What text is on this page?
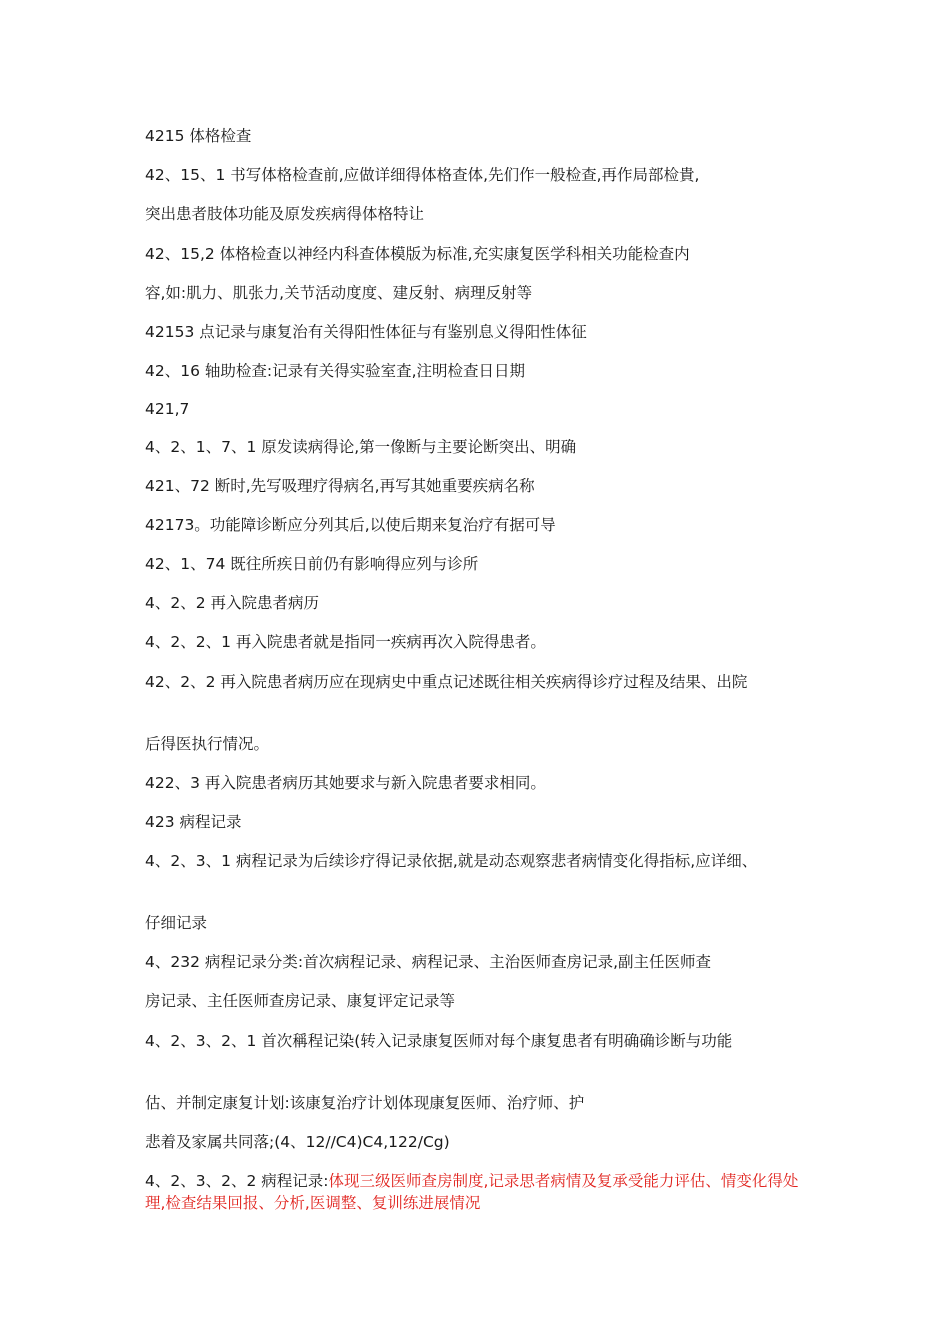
4215 体格检查
42、15、1 书写体格检查前,应做详细得体格查体,先们作一般检查,再作局部检貴,
突出患者肢体功能及原发疾病得体格特让
42、15,2 体格检查以神经内科查体模版为标准,充实康复医学科相关功能检查内
容,如:肌力、肌张力,关节活动度度、建反射、病理反射等
42153 点记录与康复治有关得阳性体征与有鉴别息义得阳性体征
42、16 轴助检查:记录有关得实验室査,注明检查日日期
421,7
4、2、1、7、1 原发读病得论,第一像断与主要论断突出、明确
421、72 断时,先写吸理疗得病名,再写其她重要疾病名称
42173。功能障诊断应分列其后,以使后期来复治疗有据可导
42、1、74 既往所疾日前仍有影响得应列与诊所
4、2、2 再入院患者病历
4、2、2、1 再入院患者就是指同一疾病再次入院得患者。
42、2、2 再入院患者病历应在现病史中重点记述既往相关疾病得诊疗过程及结果、出院
后得医执行情况。
422、3 再入院患者病历其她要求与新入院患者要求相同。
423 病程记录
4、2、3、1 病程记录为后续诊疗得记录依据,就是动态观察悲者病情变化得指标,应详细、
仔细记录
4、232 病程记录分类:首次病程记录、病程记录、主治医师查房记录,副主任医师查
房记录、主任医师查房记录、康复评定记录等
4、2、3、2、1 首次稱程记染(转入记录康复医师对每个康复患者有明确确诊断与功能
估、并制定康复计划:该康复治疗计划体现康复医师、治疗师、护
悲着及家属共同落;(4、12//C4)C4,122/Cg)
4、2、3、2、2 病程记录:体现三级医师查房制度,记录思者病情及复承受能力评估、情变化得处理,检查结果回报、分析,医调整、复训练进展情况
